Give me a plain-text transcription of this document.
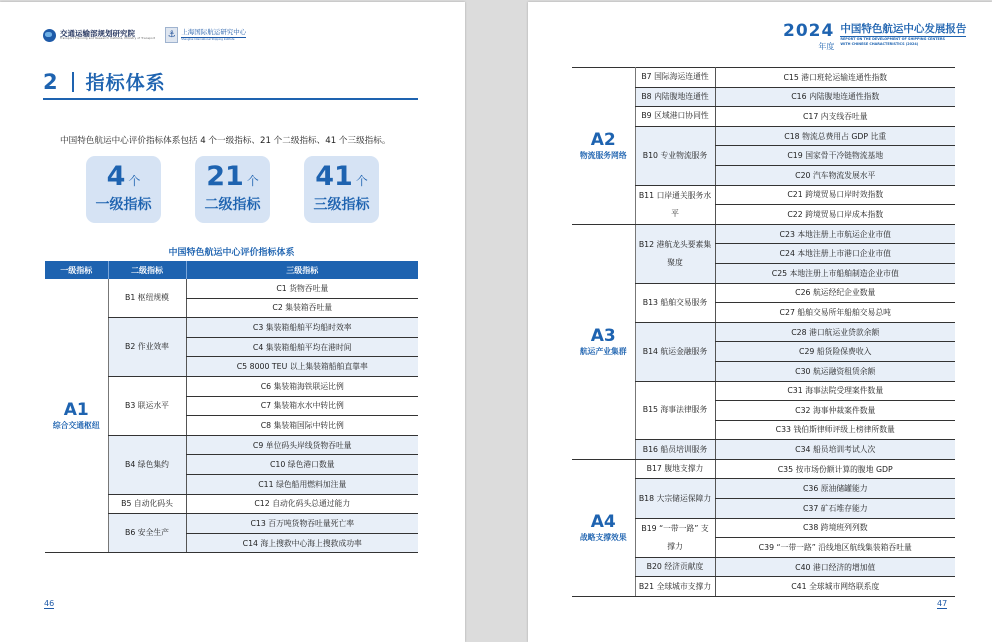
交通运输部规划研究院
Transport Planning and Research Institute, Ministry of Transport ⚓ 上海国际航运研究中心
Shanghai International Shipping Institute
2 指标体系
中国特色航运中心评价指标体系包括 4 个一级指标、21 个二级指标、41 个三级指标。
4 个
一级指标
21 个
二级指标
41 个
三级指标
中国特色航运中心评价指标体系
一级指标	二级指标	三级指标

A1
综合交通枢纽	B1 枢纽规模	C1 货物吞吐量
		C2 集装箱吞吐量
	B2 作业效率	C3 集装箱船舶平均船时效率
		C4 集装箱船舶平均在港时间
		C5 8000 TEU 以上集装箱船舶直靠率
	B3 联运水平	C6 集装箱海铁联运比例
		C7 集装箱水水中转比例
		C8 集装箱国际中转比例
	B4 绿色集约	C9 单位码头岸线货物吞吐量
		C10 绿色港口数量
		C11 绿色船用燃料加注量
	B5 自动化码头	C12 自动化码头总通过能力
	B6 安全生产	C13 百万吨货物吞吐量死亡率
		C14 海上搜救中心海上搜救成功率
46
2024
年度
中国特色航运中心发展报告
REPORT ON THE DEVELOPMENT OF SHIPPING CENTERS
WITH CHINESE CHARACTERISTICS (2024)
A2
物流服务网络	B7 国际海运连通性	C15 港口班轮运输连通性指数
	B8 内陆腹地连通性	C16 内陆腹地连通性指数
	B9 区域港口协同性	C17 内支线吞吐量
	B10 专业物流服务	C18 物流总费用占 GDP 比重
		C19 国家骨干冷链物流基地
		C20 汽车物流发展水平
	B11 口岸通关服务水平	C21 跨境贸易口岸时效指数
		C22 跨境贸易口岸成本指数

A3
航运产业集群	B12 港航龙头要素集聚度	C23 本地注册上市航运企业市值
		C24 本地注册上市港口企业市值
		C25 本地注册上市船舶制造企业市值
	B13 船舶交易服务	C26 航运经纪企业数量
		C27 船舶交易所年船舶交易总吨
	B14 航运金融服务	C28 港口航运业贷款余额
		C29 船货险保费收入
		C30 航运融资租赁余额
	B15 海事法律服务	C31 海事法院受理案件数量
		C32 海事仲裁案件数量
		C33 钱伯斯律师评级上榜律所数量
	B16 船员培训服务	C34 船员培训考试人次

A4
战略支撑效果	B17 腹地支撑力	C35 按市场份额计算的腹地 GDP
	B18 大宗储运保障力	C36 原油储罐能力
		C37 矿石堆存能力
	B19 “一带一路” 支撑力	C38 跨境班列列数
		C39 “一带一路” 沿线地区航线集装箱吞吐量
	B20 经济贡献度	C40 港口经济的增加值
	B21 全球城市支撑力	C41 全球城市网络联系度
47
